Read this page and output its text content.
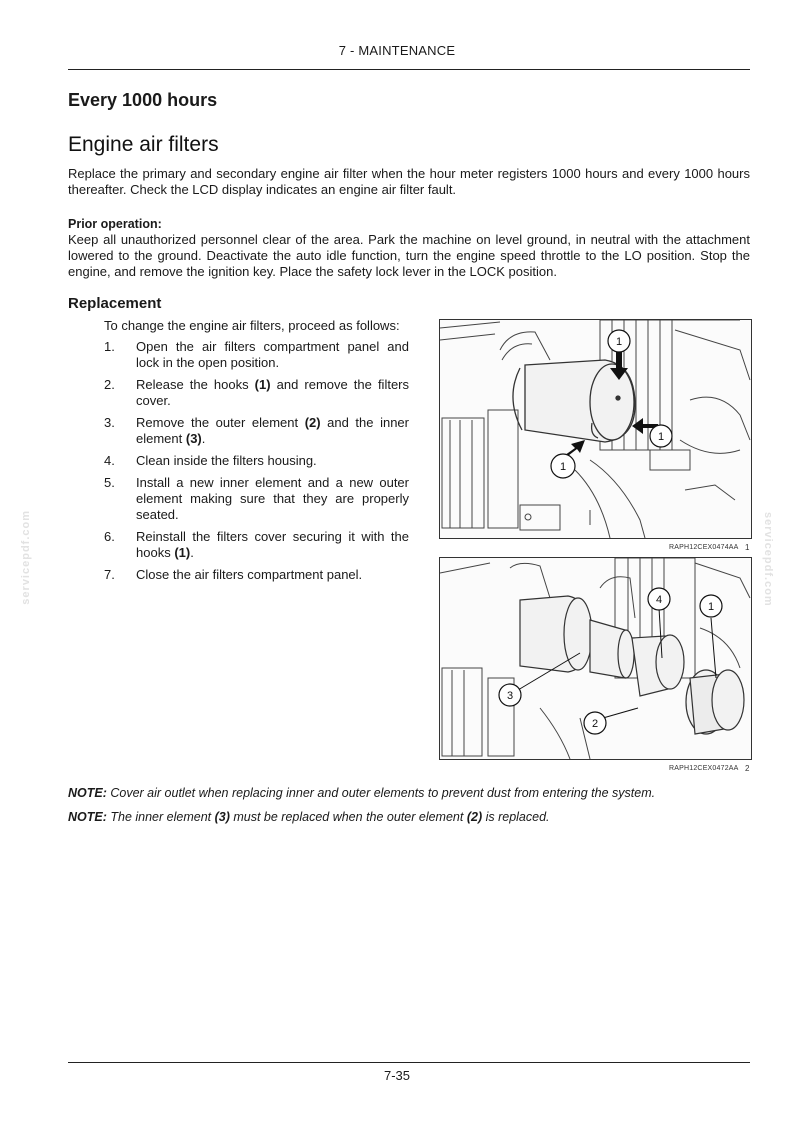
7 - MAINTENANCE
Every 1000 hours
Engine air filters

Replace the primary and secondary engine air filter when the hour meter registers 1000 hours and every 1000 hours thereafter. Check the LCD display indicates an engine air filter fault.

Prior operation:

Keep all unauthorized personnel clear of the area. Park the machine on level ground, in neutral with the attachment lowered to the ground. Deactivate the auto idle function, turn the engine speed throttle to the LO position. Stop the engine, and remove the ignition key. Place the safety lock lever in the LOCK position.

Replacement
To change the engine air filters, proceed as follows:
1. Open the air filters compartment panel and lock in the open position.
2. Release the hooks (1) and remove the filters cover.
3. Remove the outer element (2) and the inner element (3).
4. Clean inside the filters housing.
5. Install a new inner element and a new outer element making sure that they are properly seated.
6. Reinstall the filters cover securing it with the hooks (1).
7. Close the air filters compartment panel.
1
1
1
RAPH12CEX0474AA 1
4
1
3
2
RAPH12CEX0472AA 2

NOTE: Cover air outlet when replacing inner and outer elements to prevent dust from entering the system.

NOTE: The inner element (3) must be replaced when the outer element (2) is replaced.

servicepdf.com	servicepdf.com
7-35
